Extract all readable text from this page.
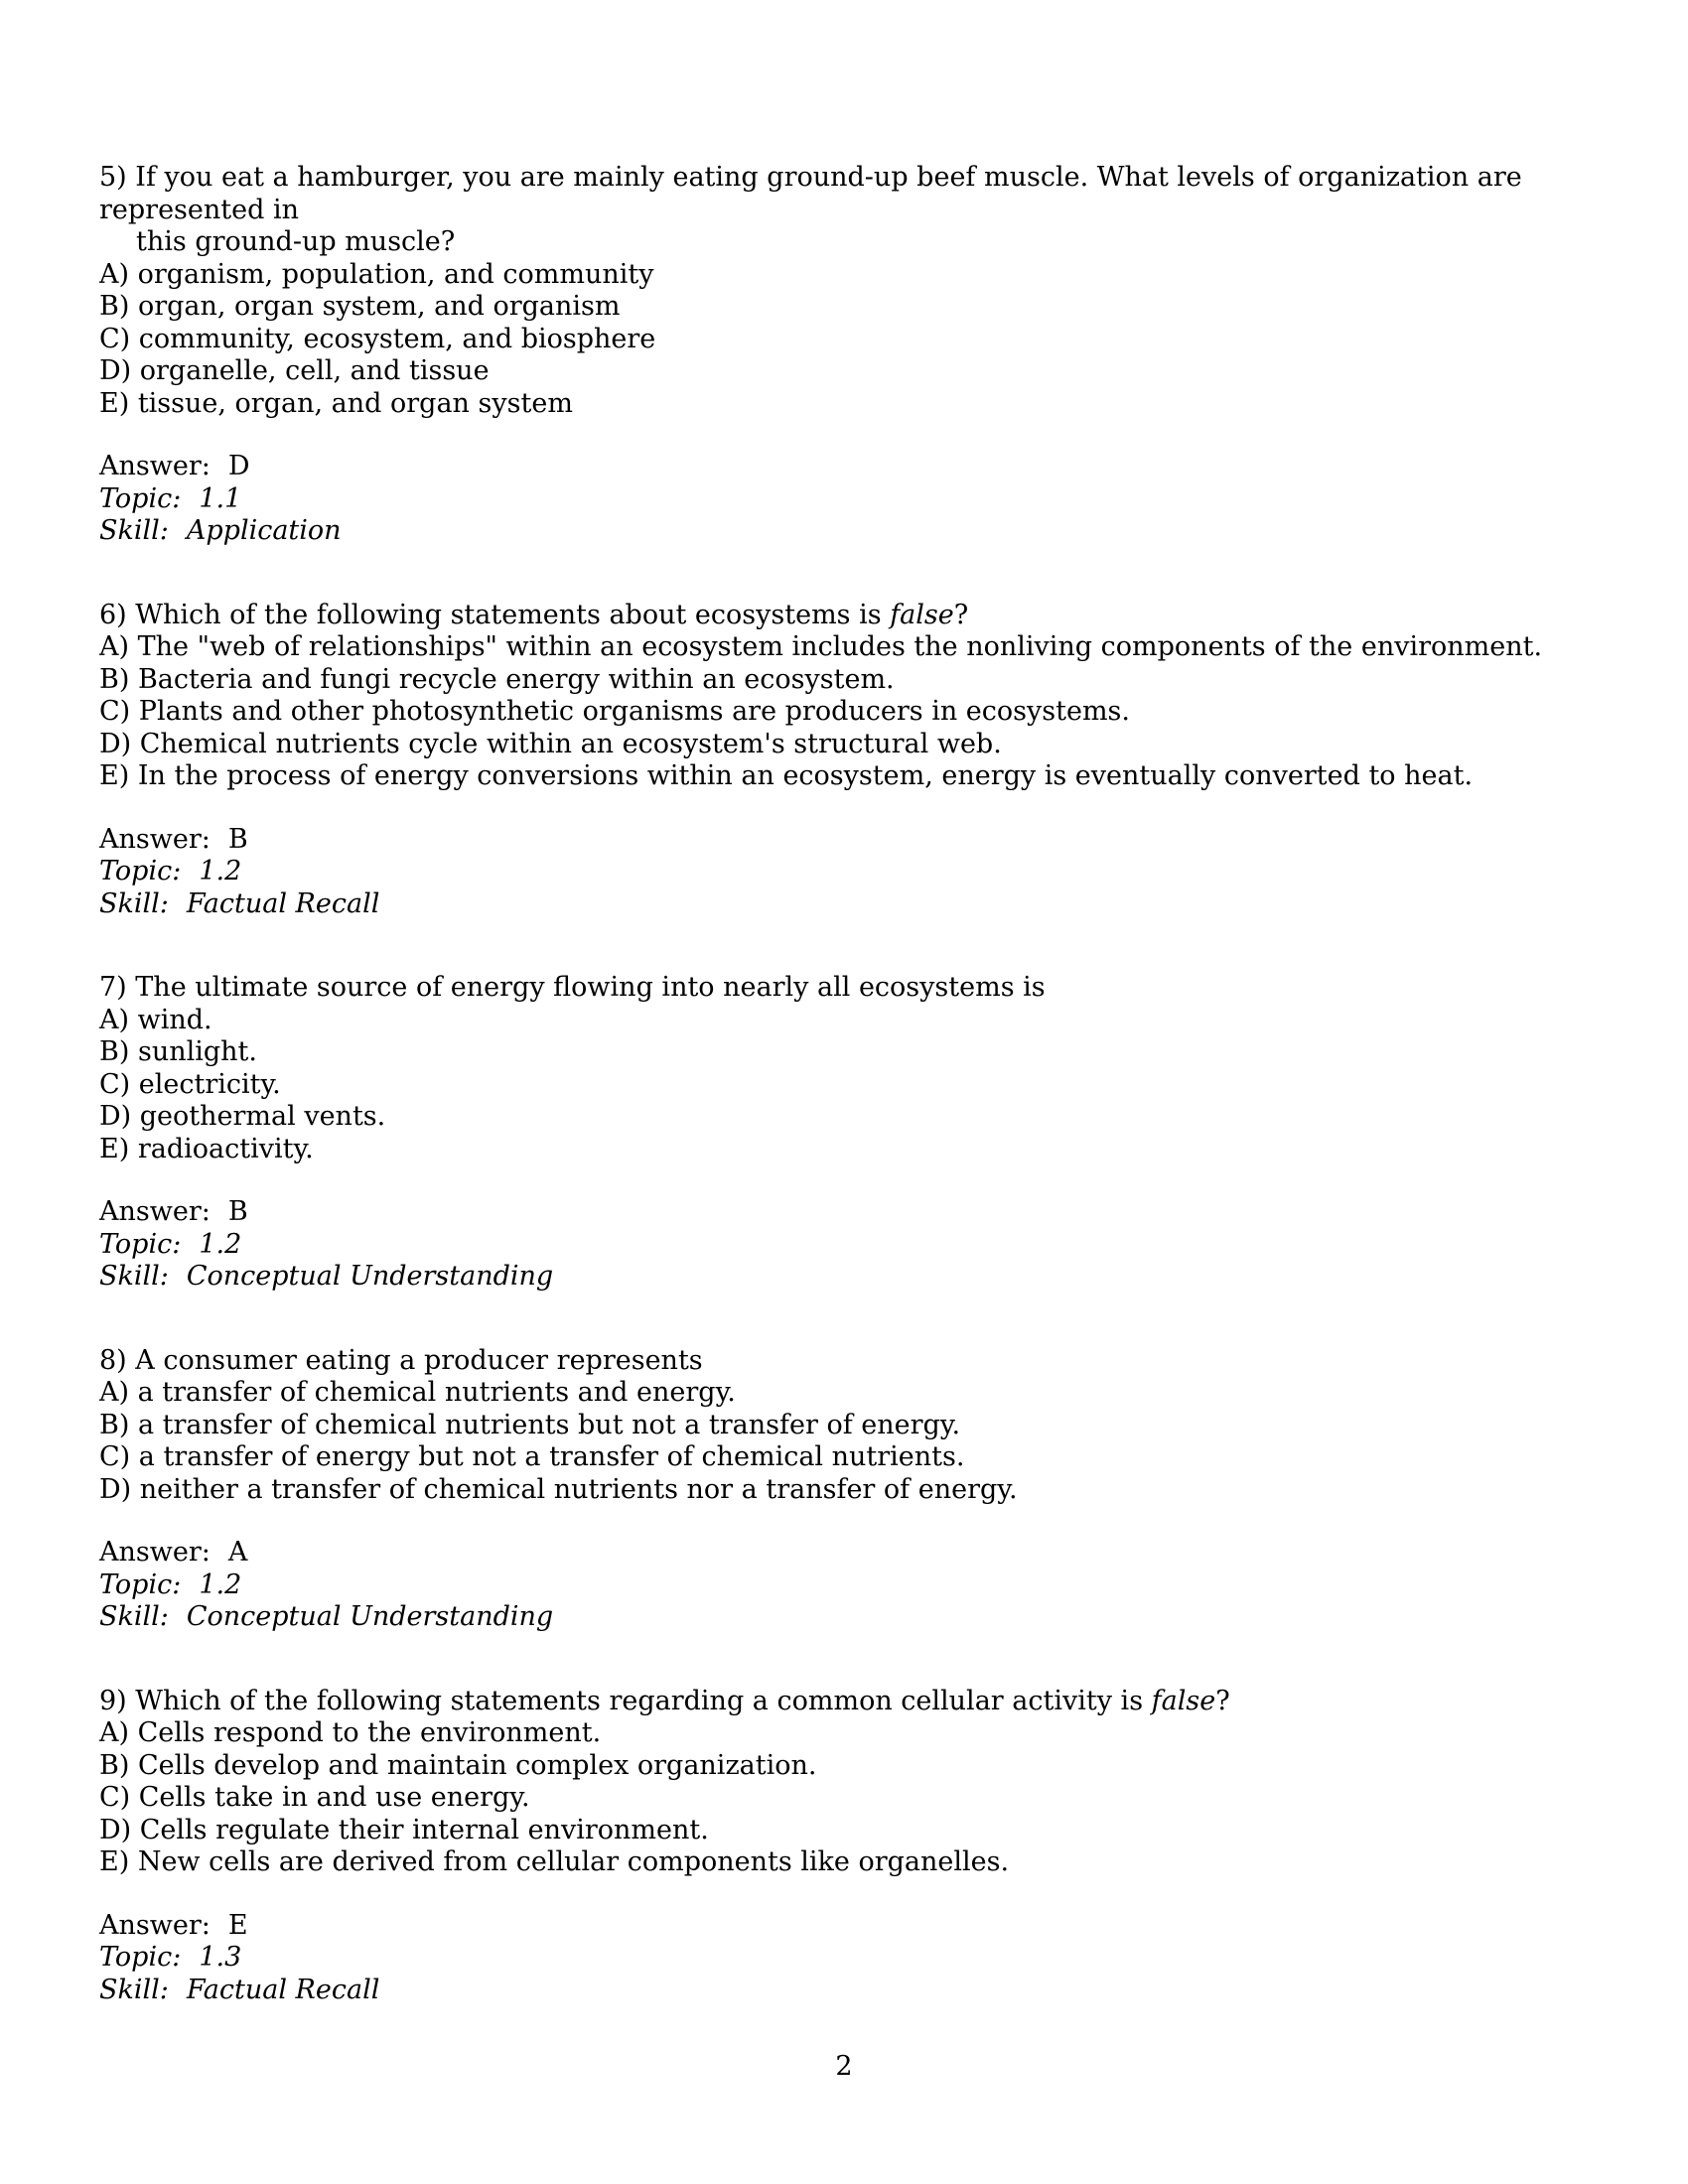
5) If you eat a hamburger, you are mainly eating ground-up beef muscle. What levels of organization are
represented in
this ground-up muscle?
A) organism, population, and community
B) organ, organ system, and organism
C) community, ecosystem, and biosphere
D) organelle, cell, and tissue
E) tissue, organ, and organ system
Answer: D
Topic: 1.1
Skill: Application
6) Which of the following statements about ecosystems is false?
A) The "web of relationships" within an ecosystem includes the nonliving components of the environment.
B) Bacteria and fungi recycle energy within an ecosystem.
C) Plants and other photosynthetic organisms are producers in ecosystems.
D) Chemical nutrients cycle within an ecosystem's structural web.
E) In the process of energy conversions within an ecosystem, energy is eventually converted to heat.
Answer: B
Topic: 1.2
Skill: Factual Recall
7) The ultimate source of energy flowing into nearly all ecosystems is
A) wind.
B) sunlight.
C) electricity.
D) geothermal vents.
E) radioactivity.
Answer: B
Topic: 1.2
Skill: Conceptual Understanding
8) A consumer eating a producer represents
A) a transfer of chemical nutrients and energy.
B) a transfer of chemical nutrients but not a transfer of energy.
C) a transfer of energy but not a transfer of chemical nutrients.
D) neither a transfer of chemical nutrients nor a transfer of energy.
Answer: A
Topic: 1.2
Skill: Conceptual Understanding
9) Which of the following statements regarding a common cellular activity is false?
A) Cells respond to the environment.
B) Cells develop and maintain complex organization.
C) Cells take in and use energy.
D) Cells regulate their internal environment.
E) New cells are derived from cellular components like organelles.
Answer: E
Topic: 1.3
Skill: Factual Recall
2
